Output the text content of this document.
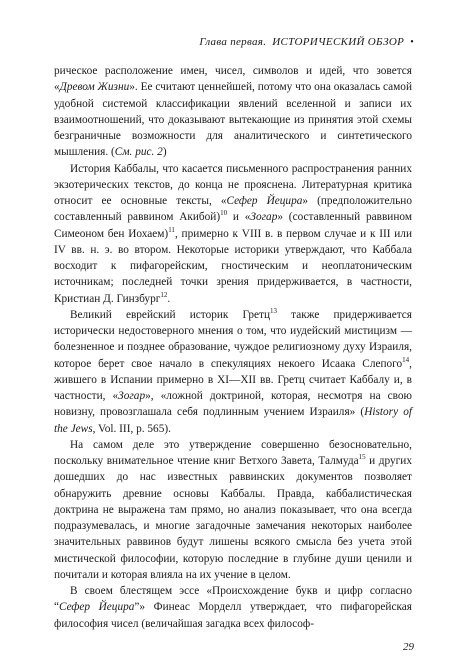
Глава первая. ИСТОРИЧЕСКИЙ ОБЗОР •

рическое расположение имен, чисел, символов и идей, что зовется «Древом Жизни». Ее считают ценнейшей, потому что она оказалась самой удобной системой классификации явлений вселенной и записи их взаимоотношений, что доказывают вытекающие из принятия этой схемы безграничные возможности для аналитического и синтетического мышления. (См. рис. 2)

История Каббалы, что касается письменного распространения ранних экзотерических текстов, до конца не прояснена. Литературная критика относит ее основные тексты, «Сефер Йецира» (предположительно составленный раввином Акибой)$^{10}$ и «Зогар» (составленный раввином Симеоном бен Иохаем)$^{11}$, примерно к VIII в. в первом случае и к III или IV вв. н. э. во втором. Некоторые историки утверждают, что Каббала восходит к пифагорейским, гностическим и неоплатоническим источникам; последней точки зрения придерживается, в частности, Кристиан Д. Гинзбург$^{12}$.

Великий еврейский историк Гретц$^{13}$ также придерживается исторически недостоверного мнения о том, что иудейский мистицизм — болезненное и позднее образование, чуждое религиозному духу Израиля, которое берет свое начало в спекуляциях некоего Исаака Слепого$^{14}$, жившего в Испании примерно в XI—XII вв. Гретц считает Каббалу и, в частности, «Зогар», «ложной доктриной, которая, несмотря на свою новизну, провозглашала себя подлинным учением Израиля» (History of the Jews, Vol. III, р. 565).

На самом деле это утверждение совершенно безосновательно, поскольку внимательное чтение книг Ветхого Завета, Талмуда$^{15}$ и других дошедших до нас известных раввинских документов позволяет обнаружить древние основы Каббалы. Правда, каббалистическая доктрина не выражена там прямо, но анализ показывает, что она всегда подразумевалась, и многие загадочные замечания некоторых наиболее значительных раввинов будут лишены всякого смысла без учета этой мистической философии, которую последние в глубине души ценили и почитали и которая влияла на их учение в целом.

В своем блестящем эссе «Происхождение букв и цифр согласно “Сефер Йецира”» Финеас Морделл утверждает, что пифагорейская философия чисел (величайшая загадка всех философ-

29
